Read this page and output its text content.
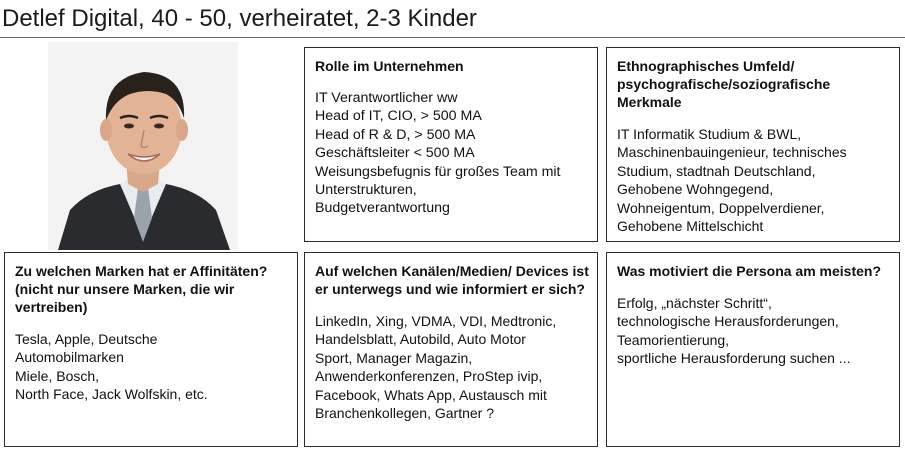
Detlef Digital, 40 - 50, verheiratet, 2-3 Kinder
Rolle im Unternehmen
IT Verantwortlicher ww
Head of IT, CIO, > 500 MA
Head of R & D, > 500 MA
Geschäftsleiter < 500 MA
Weisungsbefugnis für großes Team mit
Unterstrukturen,
Budgetverantwortung
Ethnographisches Umfeld/ psychografische/soziografische Merkmale
IT Informatik Studium & BWL,
Maschinenbauingenieur, technisches
Studium, stadtnah Deutschland,
Gehobene Wohngegend,
Wohneigentum, Doppelverdiener,
Gehobene Mittelschicht
Zu welchen Marken hat er Affinitäten? (nicht nur unsere Marken, die wir vertreiben)
Tesla, Apple, Deutsche
Automobilmarken
Miele, Bosch,
North Face, Jack Wolfskin, etc.
Auf welchen Kanälen/Medien/ Devices ist er unterwegs und wie informiert er sich?
LinkedIn, Xing, VDMA, VDI, Medtronic,
Handelsblatt, Autobild, Auto Motor
Sport, Manager Magazin,
Anwenderkonferenzen, ProStep ivip,
Facebook, Whats App, Austausch mit
Branchenkollegen, Gartner ?
Was motiviert die Persona am meisten?
Erfolg, „nächster Schritt“,
technologische Herausforderungen,
Teamorientierung,
sportliche Herausforderung suchen ...
